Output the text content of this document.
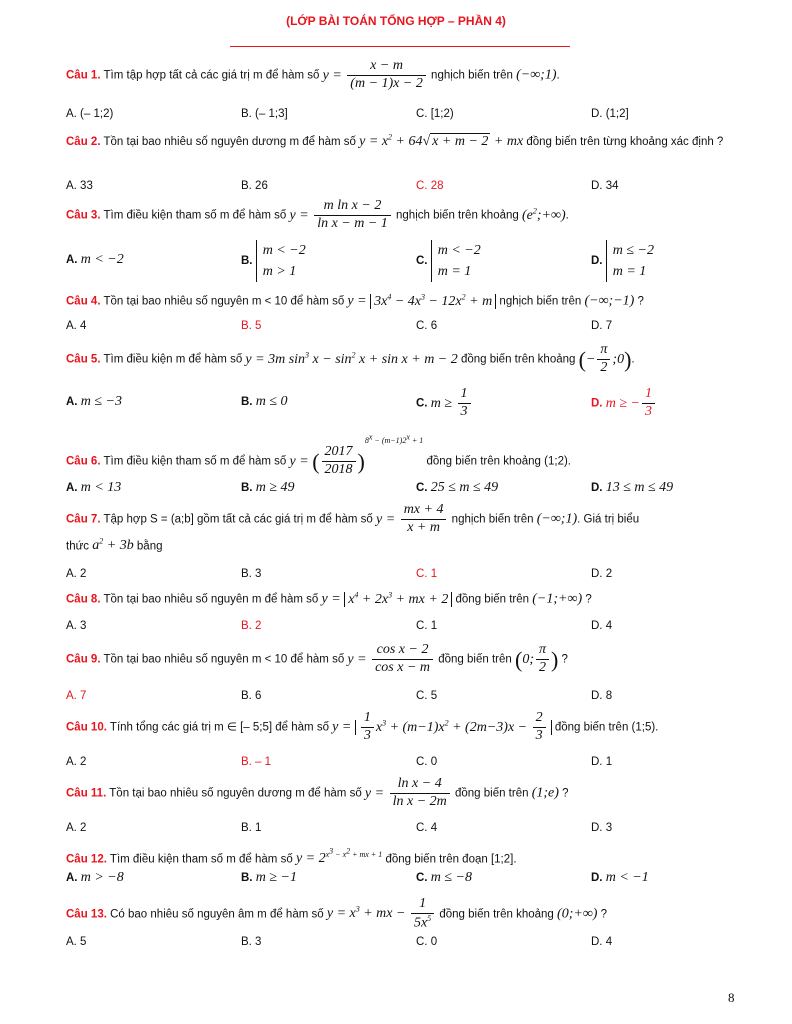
(LỚP BÀI TOÁN TỔNG HỢP – PHẦN 4)
Câu 1. Tìm tập hợp tất cả các giá trị m để hàm số $y = \frac{x - m}{(m - 1)x - 2}$ nghịch biến trên (−∞;1).
A. (– 1;2)	B. (– 1;3]	C. [1;2)	D. (1;2]
Câu 2. Tồn tại bao nhiêu số nguyên dương m để hàm số $y = x^2 + 64√$ x + m − 2 + mx đồng biến trên từng khoảng xác định ?
A. 33	B. 26	C. 28	D. 34
Câu 3. Tìm điều kiện tham số m để hàm số $y = \frac{\text{m ln x − 2}}{\text{ln x − m − 1}}$ nghịch biến trên khoảng $(e^2;+\infty)$.
A. m < −2	B. m < −2
m > 1
C. m < −2
m = 1
D. m ≤ −2
m = 1
Câu 4. Tồn tại bao nhiêu số nguyên m < 10 để hàm số $y = 3x^4 - 4x^3 - 12x^2 + m$ nghịch biến trên (−∞;−1) ?
A. 4	B. 5	C. 6	D. 7
Câu 5. Tìm điều kiện m để hàm số y = 3m $\sin^3 x - \sin^2 x + \sin x + m - 2$ đồng biến trên khoảng (− $\frac{\pi}{2}$ ;0).
A. m ≤ −3	B. m ≤ 0	C. $m \ge \frac{1}{3}$	D. m ≥ − $\frac{1}{3}$
Câu 6. Tìm điều kiện tham số m để hàm số y = ( $\frac{2017}{2018} )^{8^x - (m-1)2^x + 1}$ đồng biến trên khoảng (1;2).
A. m < 13	B. m ≥ 49	C. 25 ≤ m ≤ 49	D. 13 ≤ m ≤ 49
Câu 7. Tập hợp S = (a;b] gồm tất cả các giá trị m để hàm số $y = \frac{mx + 4}{x + m}$ nghịch biến trên (−∞;1). Giá trị biểu
thức $a^2 + 3b$ bằng
A. 2	B. 3	C. 1	D. 2
Câu 8. Tồn tại bao nhiêu số nguyên m để hàm số $y = x^4 + 2x^3$ + mx + 2 đồng biến trên (−1;+∞) ?
A. 3	B. 2	C. 1	D. 4
Câu 9. Tồn tại bao nhiêu số nguyên m < 10 để hàm số $y = \frac{\text{cos x − 2}}{\text{cos x − m}}$ đồng biến trên (0; $\frac{\pi}{2}$ ) ?
A. 7	B. 6	C. 5	D. 8
Câu 10. Tính tổng các giá trị m ∈ [– 5;5] để hàm số $y = \frac{1}{3} x^3 + (m-1)x^2 + (2m-3)x - \frac{2}{3}$ đồng biến trên (1;5).
A. 2	B. – 1	C. 0	D. 1
Câu 11. Tồn tại bao nhiêu số nguyên dương m để hàm số $y = \frac{\text{ln x − 4}}{\text{ln x − 2m}}$ đồng biến trên (1;e) ?
A. 2	B. 1	C. 4	D. 3
Câu 12. Tìm điều kiện tham số m để hàm số $y = 2^{x^3 - x^2 + mx + 1}$ đồng biến trên đoạn [1;2].
A. m > −8	B. m ≥ −1	C. m ≤ −8	D. m < −1
Câu 13. Có bao nhiêu số nguyên âm m để hàm số $y = x^3$ + mx − $\frac{1}{5x^5}$ đồng biến trên khoảng (0;+∞) ?
A. 5	B. 3	C. 0	D. 4
8
